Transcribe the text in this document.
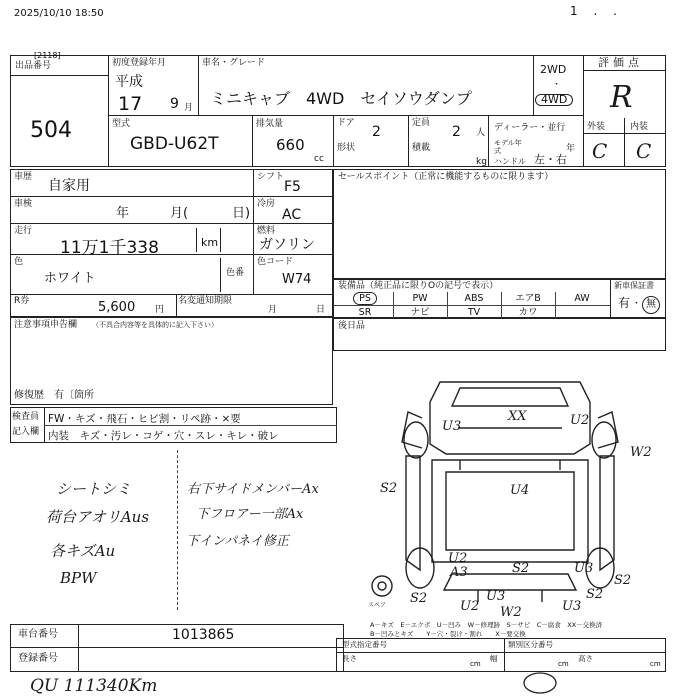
2025/10/10 18:50	1 . .
[2118]
出品番号
504
初度登録年月
平成
17 9 月
車名・グレード
ミニキャブ　4WD　セイソウダンプ
2WD
・
4WD
評価点
R
外装	内装
C C
型式
GBD-U62T
排気量
660
cc
ドア
2
形状
定員
2 人
積載
kg
ディーラー・並行
モデル年式	年
ハンドル 左・右
車歴
自家用
シフト
F5
車検
年	月(	日)
冷房
AC
走行
11万1千338	km
燃料
ガソリン
色
ホワイト	色番
色コード
W74
R券	5,600 円
名変通知期限
月	日
セールスポイント（正常に機能するものに限ります）
装備品（純正品に限りOの記号で表示）
PS	PW	ABS	エアB	AW
SR	ナビ	TV	カワ
新車保証書
有 ・ 無
注意事項申告欄 （不具合内容等を具体的に記入下さい）
修復歴　有〔箇所
後日品
検査員
記入欄
FW・キズ・飛石・ヒビ割・リペ跡・×要
内装　キズ・汚レ・コゲ・穴・スレ・キレ・破レ
シートシミ
荷台アオリAus
各キズAu
BPW
右下サイドメンバーAx
下フロアー一部Ax
下インパネイ修正
XX
U3	U2
W2
U4
U2
A3	S2	U3
S2
S2
U3
S2
U2
S2
U3
W2
スペア
A－キズ　E－エクボ　U－凹み　W－修理跡　S－サビ　C－腐食　XX－交換済
B－凹みとキズ　　Y－穴・裂け・割れ　　X－要交換
車台番号	1013865
登録番号
型式指定番号	類別区分番号
長さ
cm
幅
cm
高さ
cm
QU 111340Km
